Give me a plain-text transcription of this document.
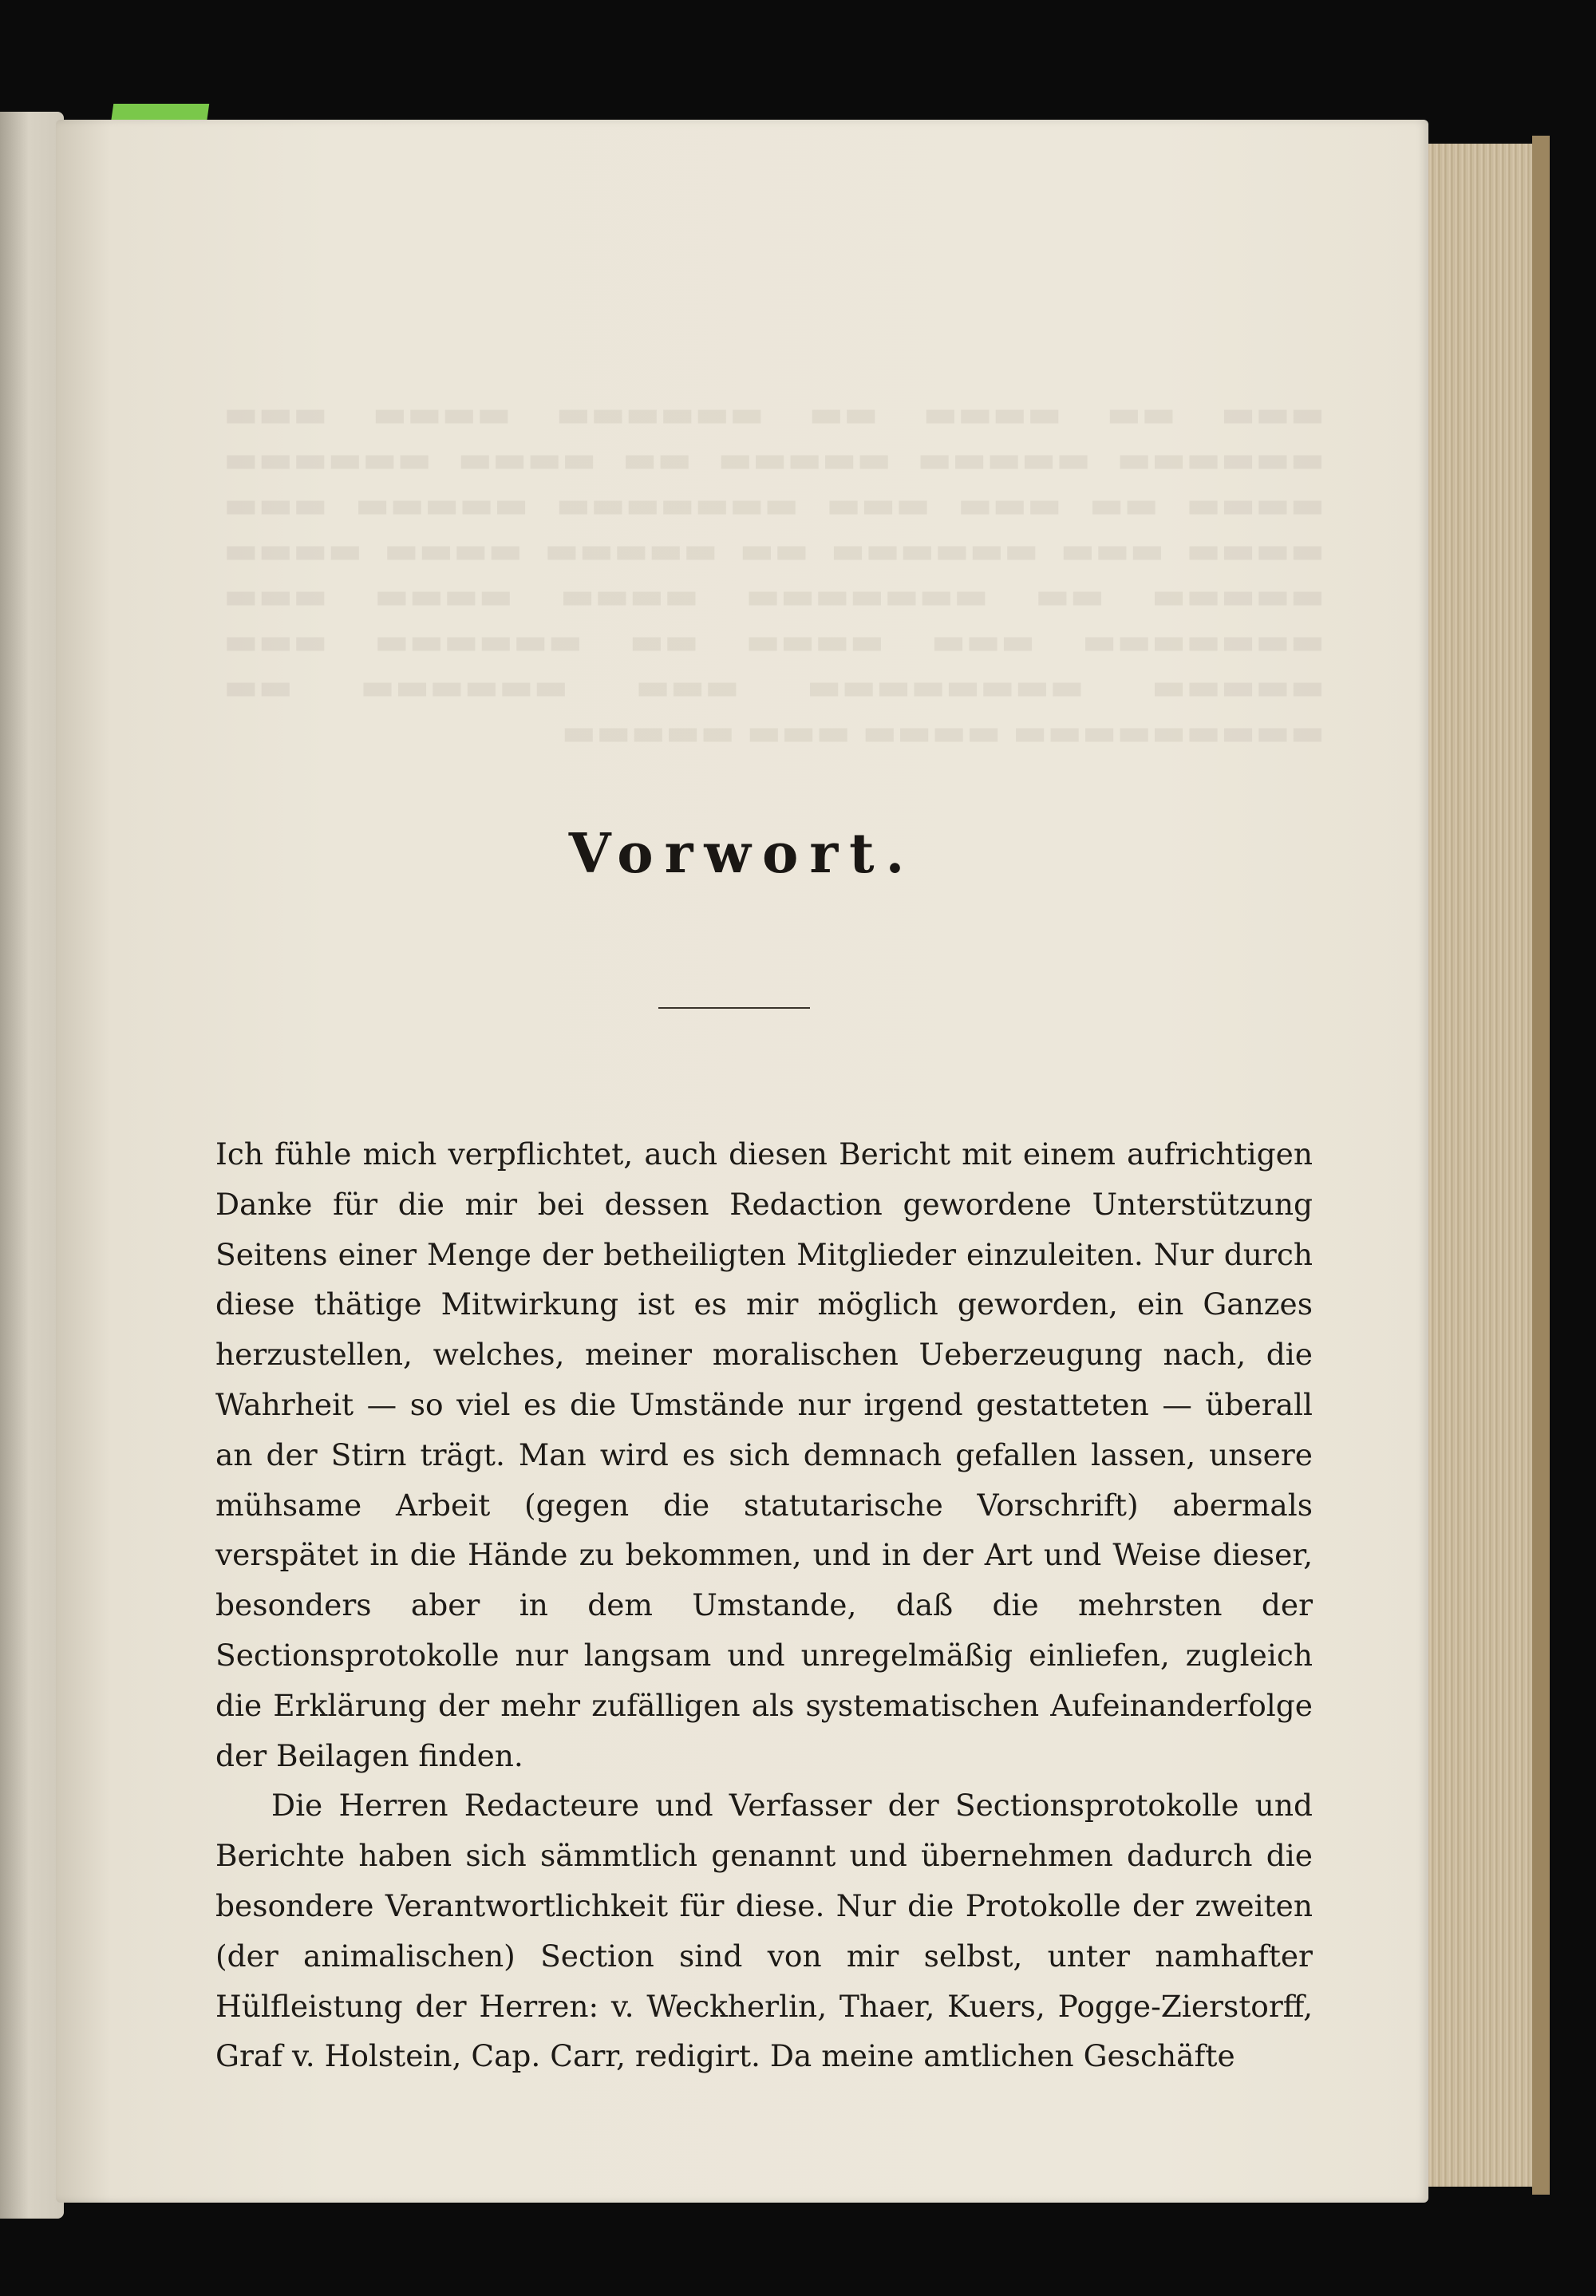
▬▬▬ ▬▬ ▬▬▬▬ ▬▬ ▬▬▬▬▬▬ ▬▬▬▬ ▬▬▬ ▬▬▬▬▬▬ ▬▬▬▬▬ ▬▬▬▬▬ ▬▬ ▬▬▬▬ ▬▬▬▬▬▬ ▬▬▬▬ ▬▬ ▬▬▬ ▬▬▬ ▬▬▬▬▬▬▬ ▬▬▬▬▬ ▬▬▬ ▬▬▬▬ ▬▬▬ ▬▬▬▬▬▬ ▬▬ ▬▬▬▬▬ ▬▬▬▬ ▬▬▬▬ ▬▬▬▬▬ ▬▬ ▬▬▬▬▬▬▬ ▬▬▬▬ ▬▬▬▬ ▬▬▬ ▬▬▬▬▬▬▬ ▬▬▬ ▬▬▬▬ ▬▬ ▬▬▬▬▬▬ ▬▬▬ ▬▬▬▬▬ ▬▬▬▬▬▬▬▬ ▬▬▬ ▬▬▬▬▬▬ ▬▬ ▬▬▬▬▬▬▬▬▬ ▬▬▬▬ ▬▬▬ ▬▬▬▬▬
Vorwort.

Ich fühle mich verpflichtet, auch diesen Bericht mit einem aufrichtigen Danke für die mir bei dessen Redaction gewordene Unterstützung Seitens einer Menge der betheiligten Mitglieder einzuleiten. Nur durch diese thätige Mitwirkung ist es mir möglich geworden, ein Ganzes herzustellen, welches, meiner moralischen Ueberzeugung nach, die Wahrheit — so viel es die Umstände nur irgend gestatteten — überall an der Stirn trägt. Man wird es sich demnach gefallen lassen, unsere mühsame Arbeit (gegen die statutarische Vorschrift) abermals verspätet in die Hände zu bekommen, und in der Art und Weise dieser, besonders aber in dem Umstande, daß die mehrsten der Sectionsprotokolle nur langsam und unregelmäßig einliefen, zugleich die Erklärung der mehr zufälligen als systematischen Aufeinanderfolge der Beilagen finden.

Die Herren Redacteure und Verfasser der Sectionsprotokolle und Berichte haben sich sämmtlich genannt und übernehmen dadurch die besondere Verantwortlichkeit für diese. Nur die Protokolle der zweiten (der animalischen) Section sind von mir selbst, unter namhafter Hülfleistung der Herren: v. Weckherlin, Thaer, Kuers, Pogge-Zierstorff, Graf v. Holstein, Cap. Carr, redigirt. Da meine amtlichen Geschäfte
